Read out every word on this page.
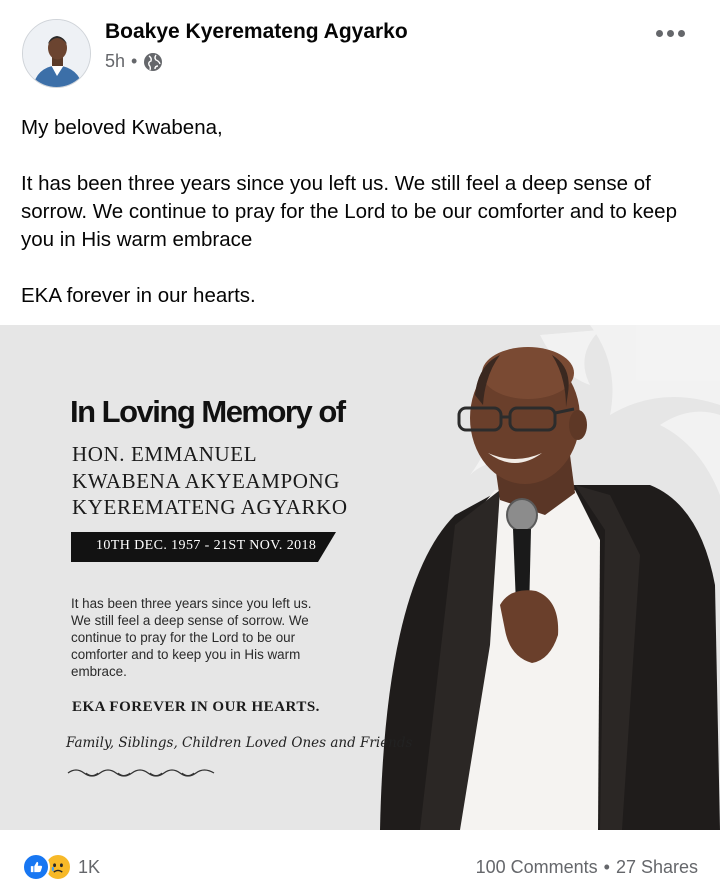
Boakye Kyeremateng Agyarko
5h •

My beloved Kwabena,

It has been three years since you left us. We still feel a deep sense of sorrow. We continue to pray for the Lord to be our comforter and to keep you in His warm embrace

EKA forever in our hearts.

In Loving Memory of
HON. EMMANUEL
KWABENA AKYEAMPONG
KYEREMATENG AGYARKO
10TH DEC. 1957 - 21ST NOV. 2018

It has been three years since you left us.

We still feel a deep sense of sorrow. We

continue to pray for the Lord to be our

comforter and to keep you in His warm

embrace.

EKA FOREVER IN OUR HEARTS.
Family, Siblings, Children Loved Ones and Friends
1K	100 Comments • 27 Shares
